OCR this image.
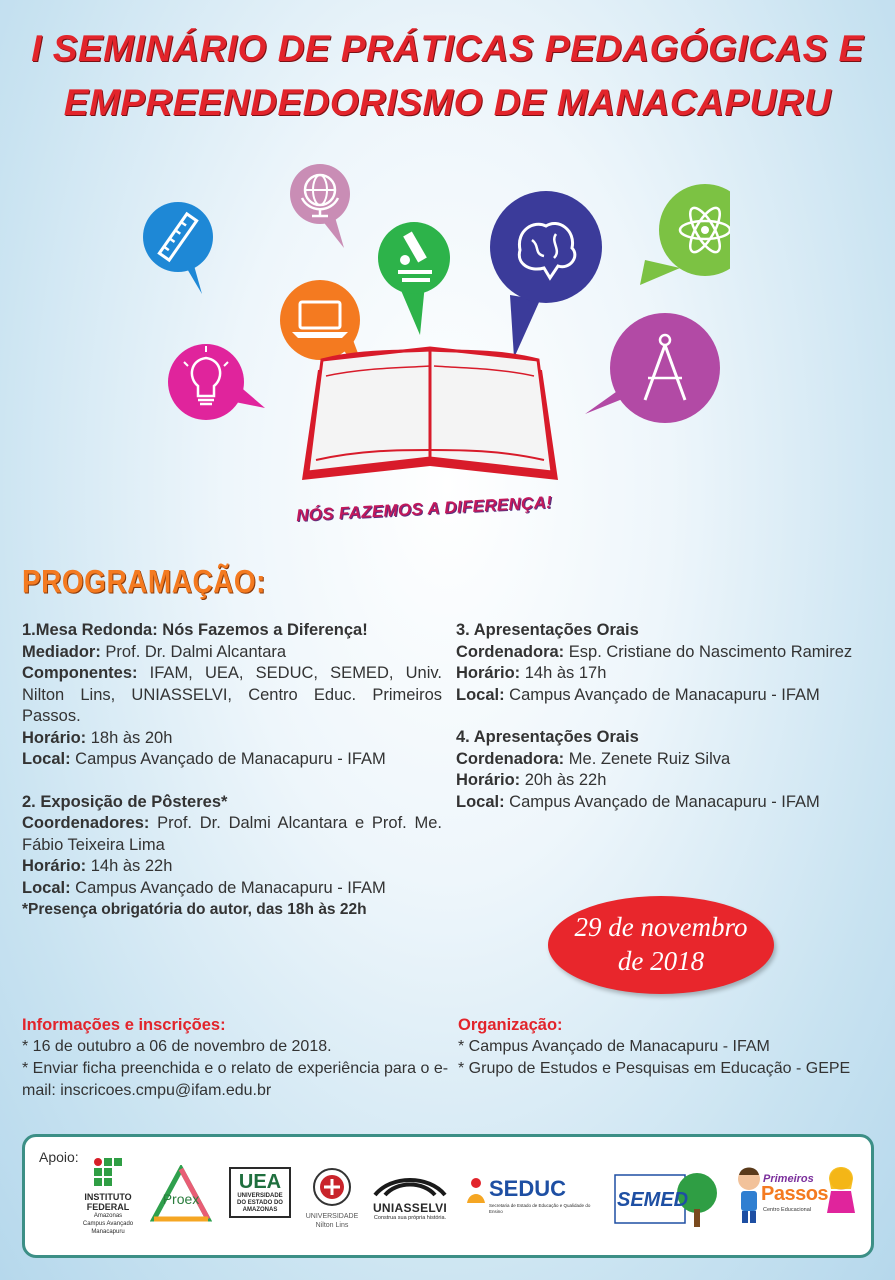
I SEMINÁRIO DE PRÁTICAS PEDAGÓGICAS E
EMPREENDEDORISMO DE MANACAPURU
NÓS FAZEMOS A DIFERENÇA!
PROGRAMAÇÃO:

1.Mesa Redonda: Nós Fazemos a Diferença!

Mediador: Prof. Dr. Dalmi Alcantara

Componentes: IFAM, UEA, SEDUC, SEMED, Univ. Nilton Lins, UNIASSELVI, Centro Educ. Primeiros Passos.

Horário: 18h às 20h

Local: Campus Avançado de Manacapuru - IFAM

2. Exposição de Pôsteres*

Coordenadores: Prof. Dr. Dalmi Alcantara e Prof. Me. Fábio Teixeira Lima

Horário: 14h às 22h

Local: Campus Avançado de Manacapuru - IFAM

*Presença obrigatória do autor, das 18h às 22h

3. Apresentações Orais

Cordenadora: Esp. Cristiane do Nascimento Ramirez

Horário: 14h às 17h

Local: Campus Avançado de Manacapuru - IFAM

4. Apresentações Orais

Cordenadora: Me. Zenete Ruiz Silva

Horário: 20h às 22h

Local: Campus Avançado de Manacapuru - IFAM

29 de novembro
de 2018
Informações e inscrições:
* 16 de outubro a 06 de novembro de 2018.
* Enviar ficha preenchida e o relato de experiência para o e-mail: inscricoes.cmpu@ifam.edu.br
Organização:
* Campus Avançado de Manacapuru - IFAM
* Grupo de Estudos e Pesquisas em Educação - GEPE
Apoio:
INSTITUTO FEDERAL
Amazonas
Campus Avançado Manacapuru
Proex
UEA
UNIVERSIDADE DO ESTADO DO AMAZONAS
UNIVERSIDADE Nilton Lins
UNIASSELVI
Construa sua própria história.
SEDUC
Secretaria de Estado de Educação e Qualidade do Ensino
SEMED
Primeiros
Passos
Centro Educacional
